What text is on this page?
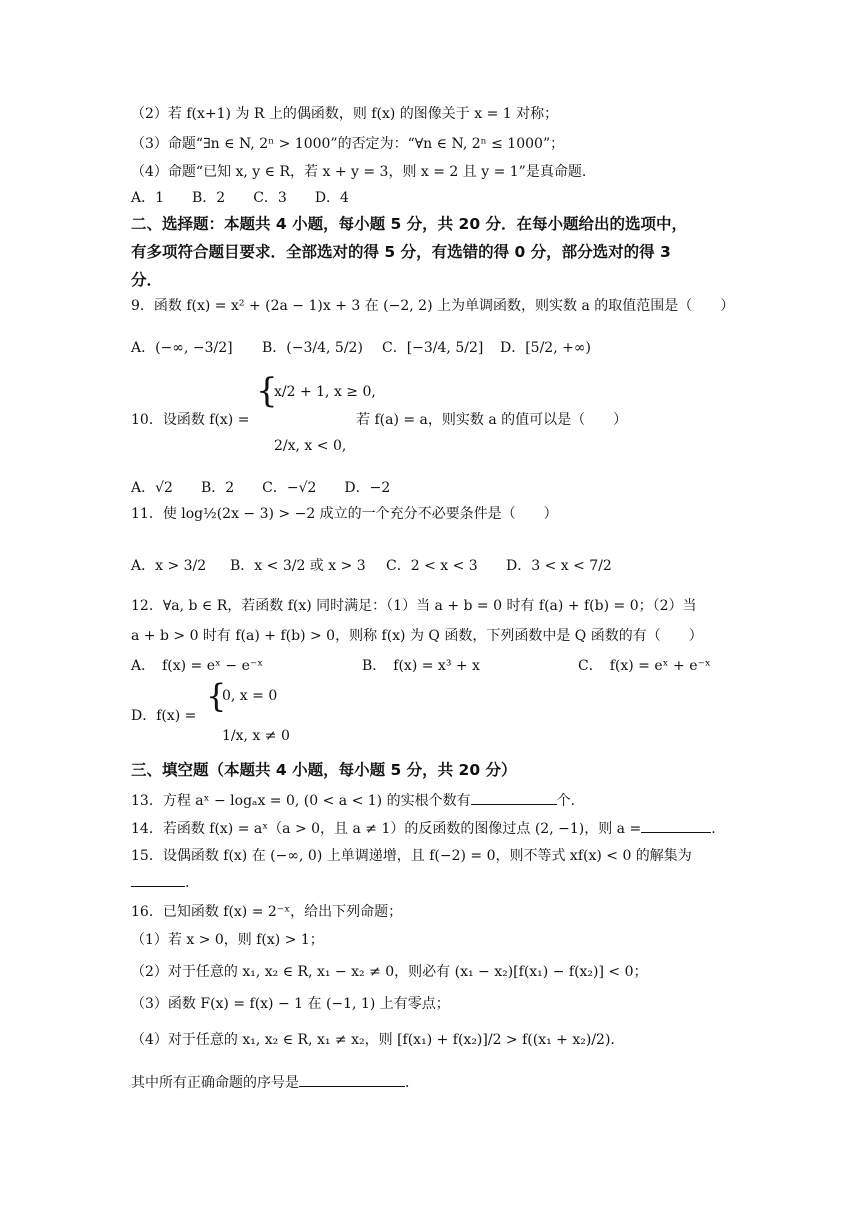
（2）若 f(x+1) 为 R 上的偶函数，则 f(x) 的图像关于 x = 1 对称；
（3）命题“∃n ∈ N, 2ⁿ > 1000”的否定为：“∀n ∈ N, 2ⁿ ≤ 1000”；
（4）命题“已知 x, y ∈ R，若 x + y = 3，则 x = 2 且 y = 1”是真命题.
A．1　　B．2　　C．3　　D．4
二、选择题：本题共 4 小题，每小题 5 分，共 20 分．在每小题给出的选项中，
有多项符合题目要求．全部选对的得 5 分，有选错的得 0 分，部分选对的得 3
分．
9．函数 f(x) = x² + (2a − 1)x + 3 在 (−2, 2) 上为单调函数，则实数 a 的取值范围是（　　）
A．(−∞, −3/2] B．(−3/4, 5/2) C．[−3/4, 5/2] D．[5/2, +∞)
10．设函数 f(x) =
{
x/2 + 1, x ≥ 0,
2/x, x < 0,
若 f(a) = a，则实数 a 的值可以是（　　）
A．√2　　B．2　　C．−√2　　D．−2
11．使 log½(2x − 3) > −2 成立的一个充分不必要条件是（　　）
A．x > 3/2 B．x < 3/2 或 x > 3 C．2 < x < 3 D．3 < x < 7/2
12．∀a, b ∈ R，若函数 f(x) 同时满足：（1）当 a + b = 0 时有 f(a) + f(b) = 0；（2）当
a + b > 0 时有 f(a) + f(b) > 0，则称 f(x) 为 Q 函数，下列函数中是 Q 函数的有（　　）
A．　f(x) = eˣ − e⁻ˣ	B．　f(x) = x³ + x	C．　f(x) = eˣ + e⁻ˣ
D．f(x) =
{
0, x = 0
1/x, x ≠ 0
三、填空题（本题共 4 小题，每小题 5 分，共 20 分）
13．方程 aˣ − logₐx = 0, (0 < a < 1) 的实根个数有	个.
14．若函数 f(x) = aˣ（a > 0，且 a ≠ 1）的反函数的图像过点 (2, −1)，则 a =	.
15．设偶函数 f(x) 在 (−∞, 0) 上单调递增，且 f(−2) = 0，则不等式 xf(x) < 0 的解集为
.
16．已知函数 f(x) = 2⁻ˣ，给出下列命题；
（1）若 x > 0，则 f(x) > 1；
（2）对于任意的 x₁, x₂ ∈ R, x₁ − x₂ ≠ 0，则必有 (x₁ − x₂)[f(x₁) − f(x₂)] < 0；
（3）函数 F(x) = f(x) − 1 在 (−1, 1) 上有零点；
（4）对于任意的 x₁, x₂ ∈ R, x₁ ≠ x₂，则 [f(x₁) + f(x₂)]/2 > f((x₁ + x₂)/2).
其中所有正确命题的序号是	.
